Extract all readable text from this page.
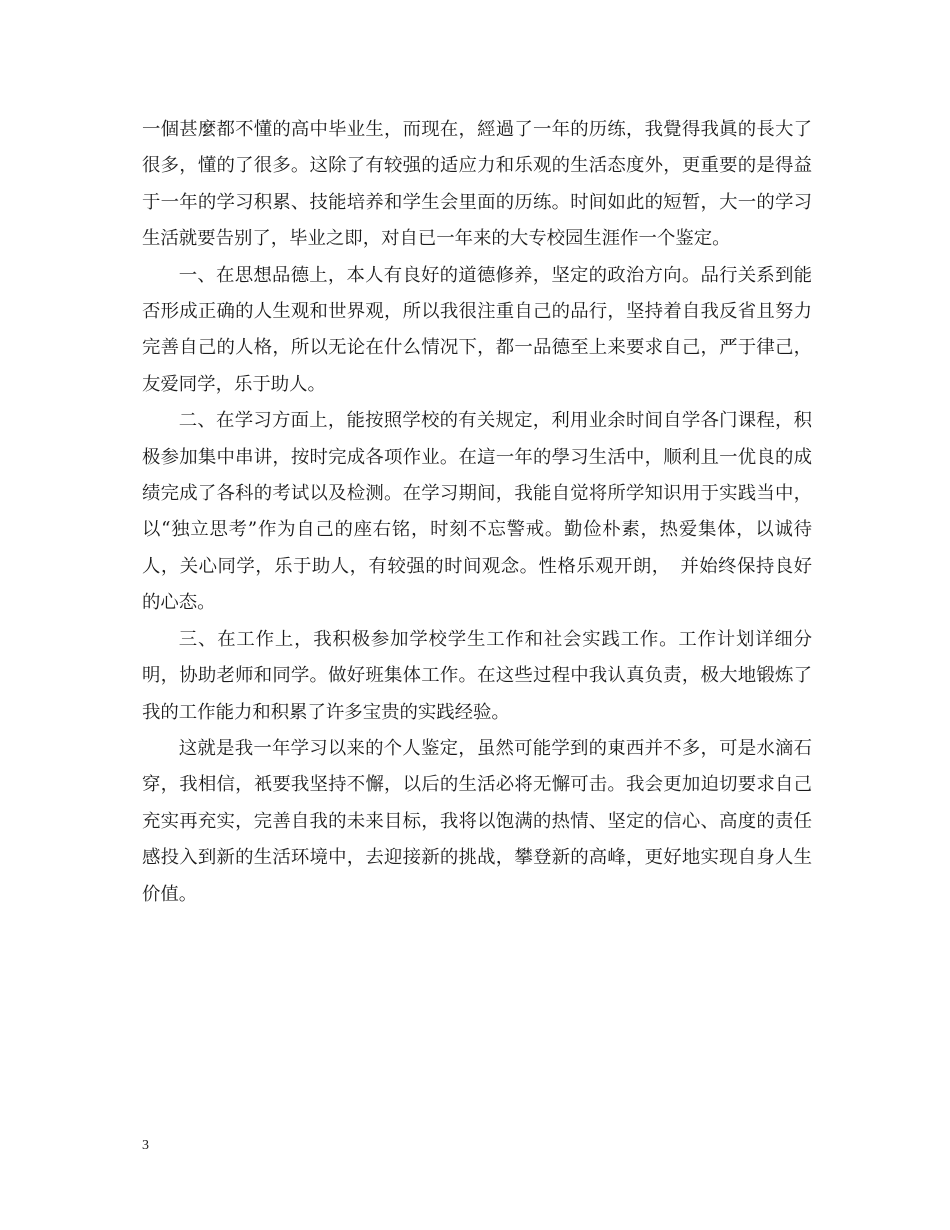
一個甚麼都不懂的高中毕业生，而现在，經過了一年的历练，我覺得我眞的長大了很多，懂的了很多。这除了有较强的适应力和乐观的生活态度外，更重要的是得益于一年的学习积累、技能培养和学生会里面的历练。时间如此的短暂，大一的学习生活就要告别了，毕业之即，对自已一年来的大专校园生涯作一个鉴定。

一、在思想品德上，本人有良好的道德修养，坚定的政治方向。品行关系到能否形成正确的人生观和世界观，所以我很注重自己的品行，坚持着自我反省且努力完善自己的人格，所以无论在什么情况下，都一品德至上来要求自己，严于律己，友爱同学，乐于助人。

二、在学习方面上，能按照学校的有关规定，利用业余时间自学各门课程，积极参加集中串讲，按时完成各项作业。在這一年的學习生活中，顺利且一优良的成绩完成了各科的考试以及检测。在学习期间，我能自觉将所学知识用于实践当中，以“独立思考”作为自己的座右铭，时刻不忘警戒。勤俭朴素，热爱集体，以诚待人，关心同学，乐于助人，有较强的时间观念。性格乐观开朗，　并始终保持良好的心态。

三、在工作上，我积极参加学校学生工作和社会实践工作。工作计划详细分明，协助老师和同学。做好班集体工作。在这些过程中我认真负责，极大地锻炼了我的工作能力和积累了许多宝贵的实践经验。

这就是我一年学习以来的个人鉴定，虽然可能学到的東西并不多，可是水滴石穿，我相信，衹要我坚持不懈，以后的生活必将无懈可击。我会更加迫切要求自己充实再充实，完善自我的未来目标，我将以饱满的热情、坚定的信心、高度的责任感投入到新的生活环境中，去迎接新的挑战，攀登新的高峰，更好地实现自身人生价值。

3
